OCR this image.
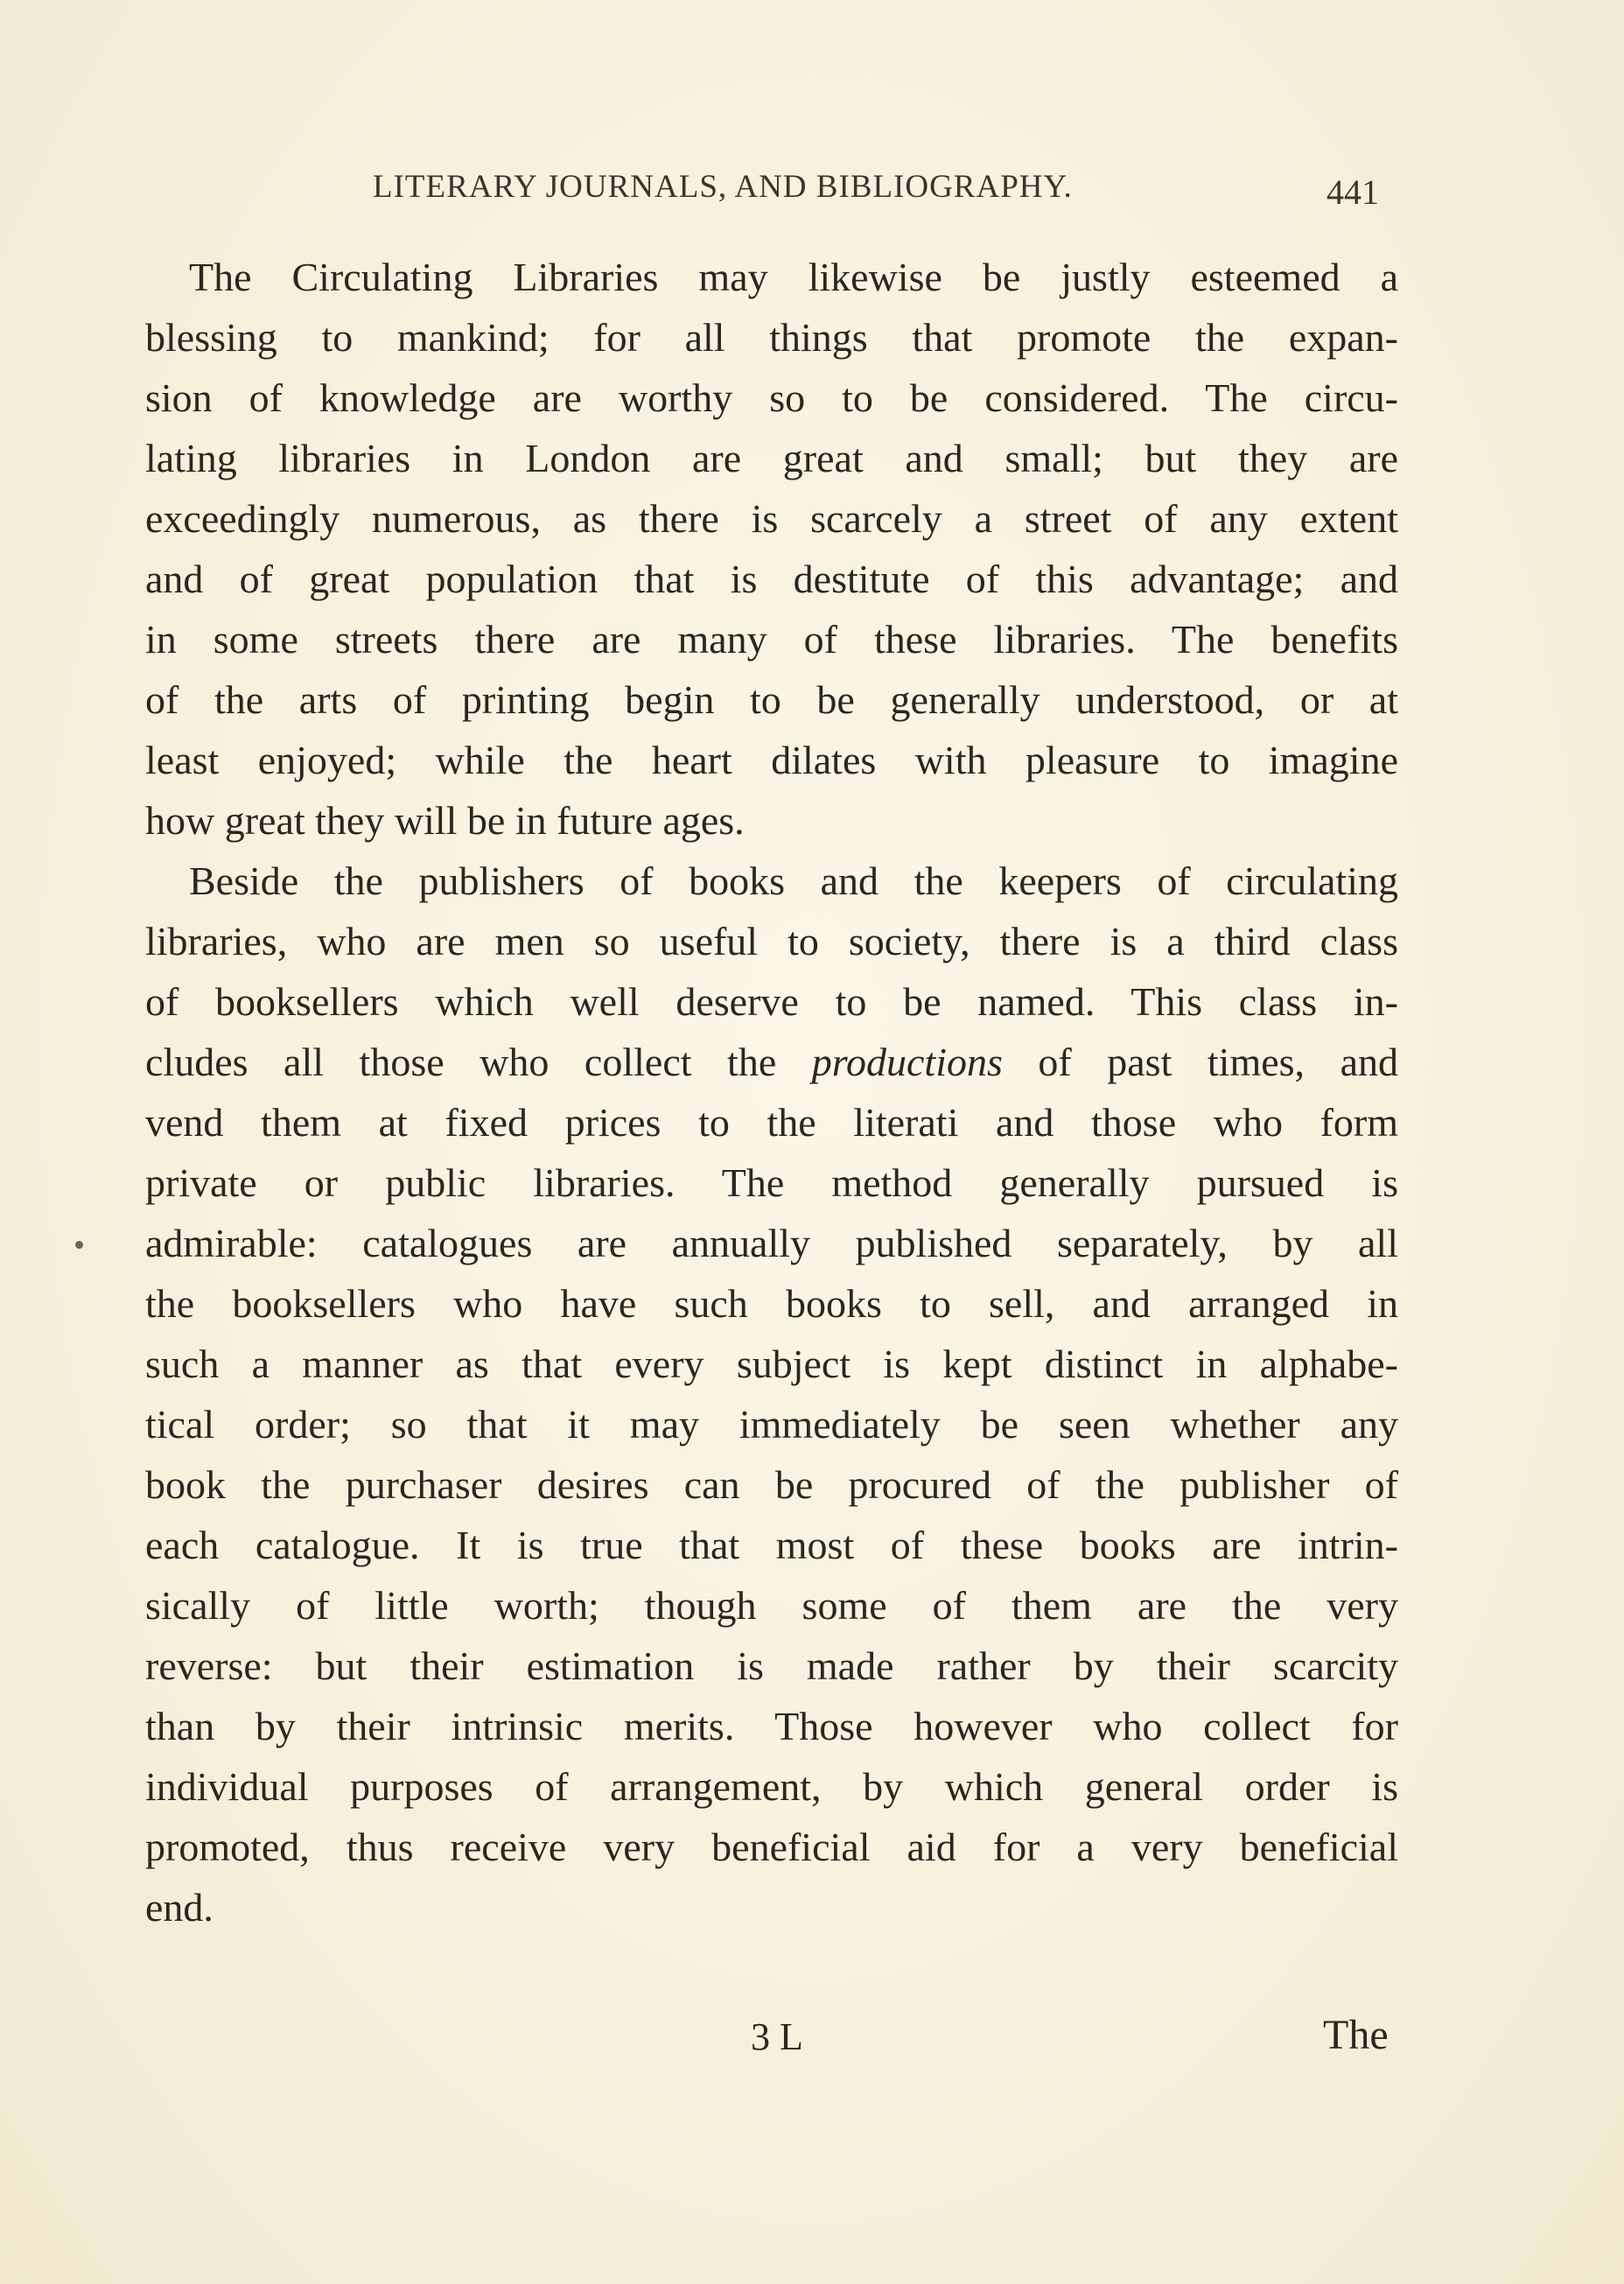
LITERARY JOURNALS, AND BIBLIOGRAPHY.	441
The Circulating Libraries may likewise be justly esteemed a
blessing to mankind; for all things that promote the expan-
sion of knowledge are worthy so to be considered. The circu-
lating libraries in London are great and small; but they are
exceedingly numerous, as there is scarcely a street of any extent
and of great population that is destitute of this advantage; and
in some streets there are many of these libraries. The benefits
of the arts of printing begin to be generally understood, or at
least enjoyed; while the heart dilates with pleasure to imagine
how great they will be in future ages.
Beside the publishers of books and the keepers of circulating
libraries, who are men so useful to society, there is a third class
of booksellers which well deserve to be named. This class in-
cludes all those who collect the productions of past times, and
vend them at fixed prices to the literati and those who form
private or public libraries. The method generally pursued is
admirable: catalogues are annually published separately, by all
the booksellers who have such books to sell, and arranged in
such a manner as that every subject is kept distinct in alphabe-
tical order; so that it may immediately be seen whether any
book the purchaser desires can be procured of the publisher of
each catalogue. It is true that most of these books are intrin-
sically of little worth; though some of them are the very
reverse: but their estimation is made rather by their scarcity
than by their intrinsic merits. Those however who collect for
individual purposes of arrangement, by which general order is
promoted, thus receive very beneficial aid for a very beneficial
end.
3 L	The
